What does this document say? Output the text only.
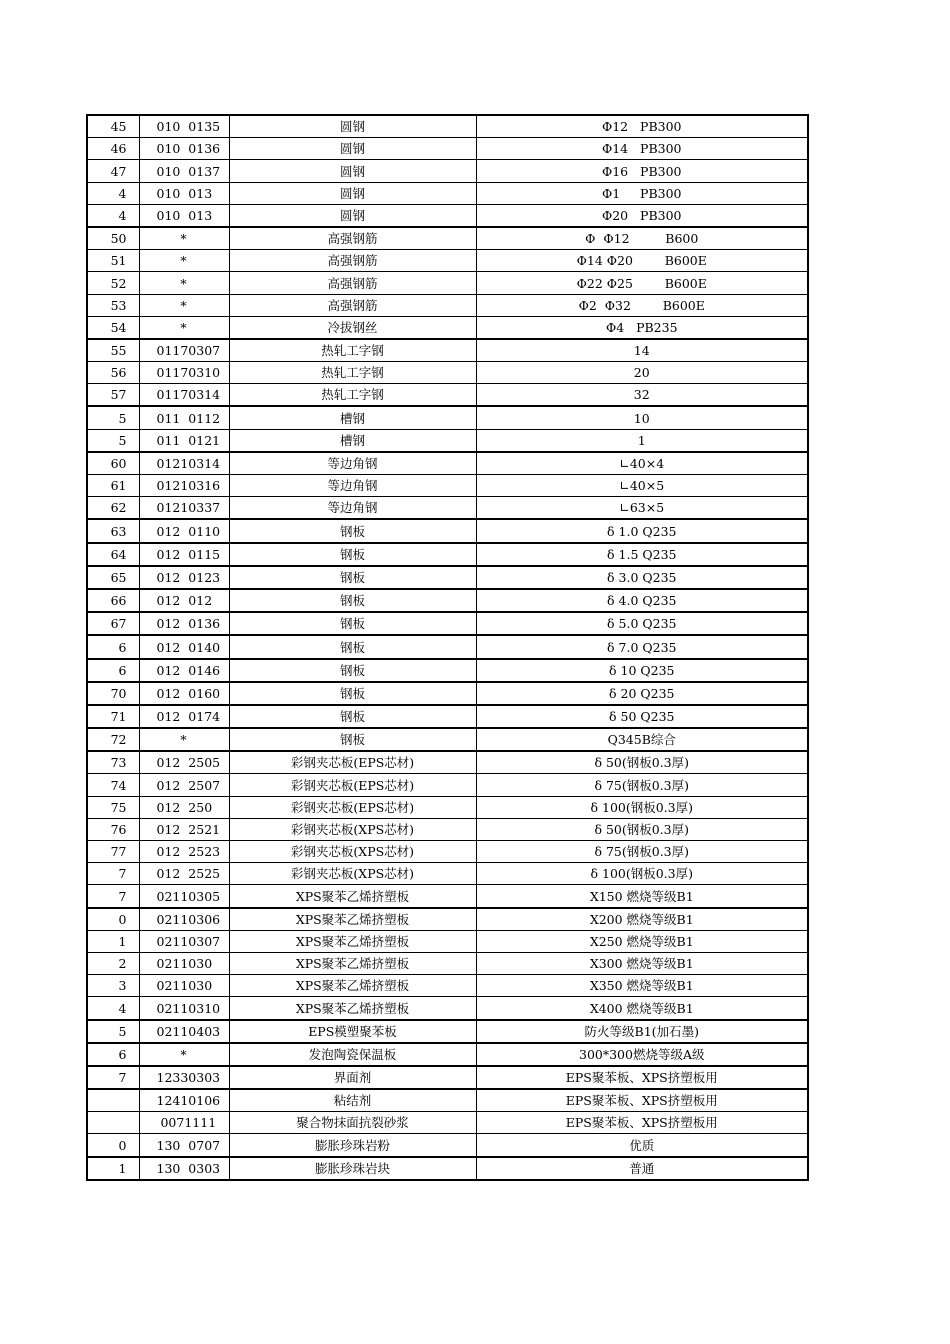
45	010  0135	圆钢	Φ12   PB300
46	010  0136	圆钢	Φ14   PB300
47	010  0137	圆钢	Φ16   PB300
4	010  013	圆钢	Φ1     PB300
4	010  013	圆钢	Φ20   PB300
50	*	高强钢筋	Φ  Φ12         B600
51	*	高强钢筋	Φ14 Φ20        B600E
52	*	高强钢筋	Φ22 Φ25        B600E
53	*	高强钢筋	Φ2  Φ32        B600E
54	*	冷拔钢丝	Φ4   PB235
55	01170307	热轧工字钢	14
56	01170310	热轧工字钢	20
57	01170314	热轧工字钢	32
5	011  0112	槽钢	10
5	011  0121	槽钢	1
60	01210314	等边角钢	∟40×4
61	01210316	等边角钢	∟40×5
62	01210337	等边角钢	∟63×5
63	012  0110	钢板	δ 1.0 Q235
64	012  0115	钢板	δ 1.5 Q235
65	012  0123	钢板	δ 3.0 Q235
66	012  012	钢板	δ 4.0 Q235
67	012  0136	钢板	δ 5.0 Q235
6	012  0140	钢板	δ 7.0 Q235
6	012  0146	钢板	δ 10 Q235
70	012  0160	钢板	δ 20 Q235
71	012  0174	钢板	δ 50 Q235
72	*	钢板	Q345B综合
73	012  2505	彩钢夹芯板(EPS芯材)	δ 50(钢板0.3厚)
74	012  2507	彩钢夹芯板(EPS芯材)	δ 75(钢板0.3厚)
75	012  250	彩钢夹芯板(EPS芯材)	δ 100(钢板0.3厚)
76	012  2521	彩钢夹芯板(XPS芯材)	δ 50(钢板0.3厚)
77	012  2523	彩钢夹芯板(XPS芯材)	δ 75(钢板0.3厚)
7	012  2525	彩钢夹芯板(XPS芯材)	δ 100(钢板0.3厚)
7	02110305	XPS聚苯乙烯挤塑板	X150 燃烧等级B1
0	02110306	XPS聚苯乙烯挤塑板	X200 燃烧等级B1
1	02110307	XPS聚苯乙烯挤塑板	X250 燃烧等级B1
2	0211030	XPS聚苯乙烯挤塑板	X300 燃烧等级B1
3	0211030	XPS聚苯乙烯挤塑板	X350 燃烧等级B1
4	02110310	XPS聚苯乙烯挤塑板	X400 燃烧等级B1
5	02110403	EPS模塑聚苯板	防火等级B1(加石墨)
6	*	发泡陶瓷保温板	300*300燃烧等级A级
7	12330303	界面剂	EPS聚苯板、XPS挤塑板用
	12410106	粘结剂	EPS聚苯板、XPS挤塑板用
	0071111	聚合物抹面抗裂砂浆	EPS聚苯板、XPS挤塑板用
0	130  0707	膨胀珍珠岩粉	优质
1	130  0303	膨胀珍珠岩块	普通
